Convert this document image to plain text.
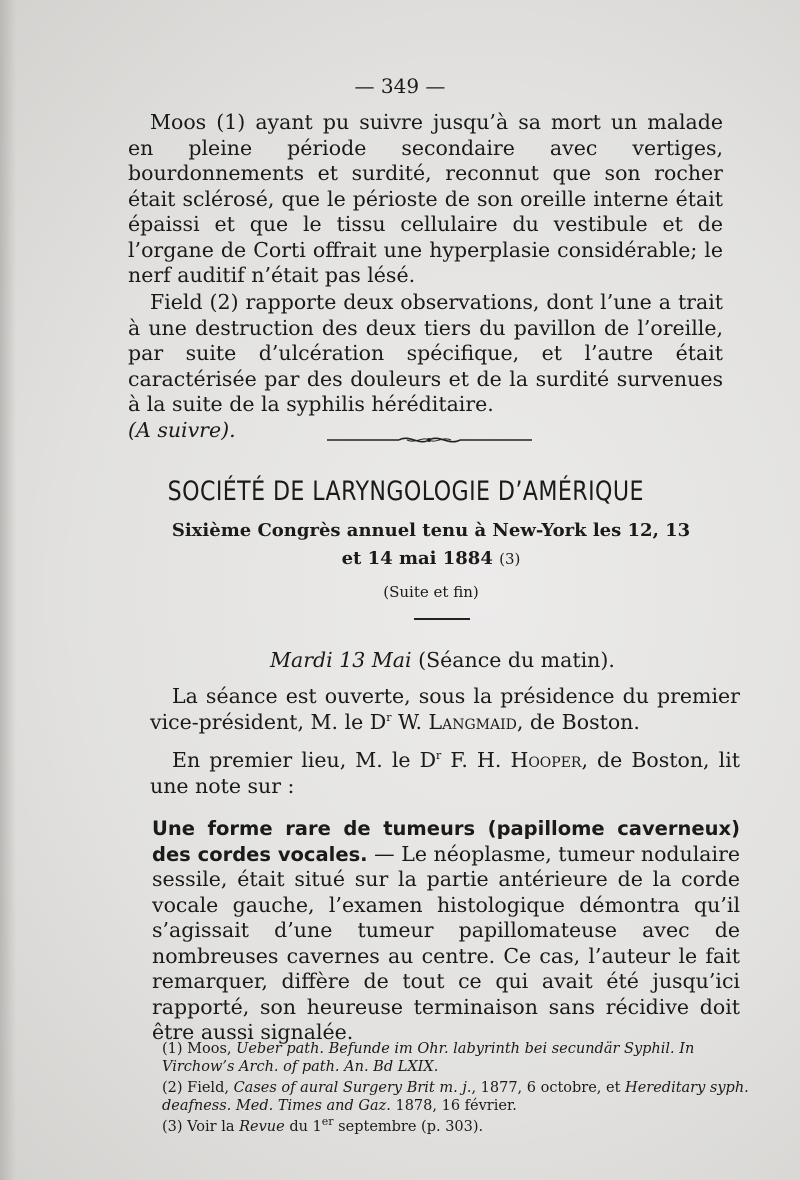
— 349 —

Moos (1) ayant pu suivre jusqu’à sa mort un malade en pleine période secondaire avec vertiges, bourdonnements et surdité, reconnut que son rocher était sclérosé, que le périoste de son oreille interne était épaissi et que le tissu cellulaire du vestibule et de l’organe de Corti offrait une hyperplasie considérable; le nerf auditif n’était pas lésé.

Field (2) rapporte deux observations, dont l’une a trait à une destruction des deux tiers du pavillon de l’oreille, par suite d’ulcération spécifique, et l’autre était caractérisée par des douleurs et de la surdité survenues à la suite de la syphilis héréditaire.

(A suivre).

SOCIÉTÉ DE LARYNGOLOGIE D’AMÉRIQUE
Sixième Congrès annuel tenu à New-York les 12, 13
et 14 mai 1884 (3)
(Suite et fin)
Mardi 13 Mai (Séance du matin).

La séance est ouverte, sous la présidence du premier vice-président, M. le $D^r$ W. Langmaid, de Boston.

En premier lieu, M. le $D^r$ F. H. Hooper, de Boston, lit une note sur :

Une forme rare de tumeurs (papillome caverneux) des cordes vocales. — Le néoplasme, tumeur nodulaire sessile, était situé sur la partie antérieure de la corde vocale gauche, l’examen histologique démontra qu’il s’agissait d’une tumeur papillomateuse avec de nombreuses cavernes au centre. Ce cas, l’auteur le fait remarquer, diffère de tout ce qui avait été jusqu’ici rapporté, son heureuse terminaison sans récidive doit être aussi signalée.

(1) Moos, Ueber path. Befunde im Ohr. labyrinth bei secundär Syphil. In Virchow’s Arch. of path. An. Bd LXIX.

(2) Field, Cases of aural Surgery Brit m. j., 1877, 6 octobre, et Hereditary syph. deafness. Med. Times and Gaz. 1878, 16 février.

(3) Voir la Revue du 1er septembre (p. 303).
